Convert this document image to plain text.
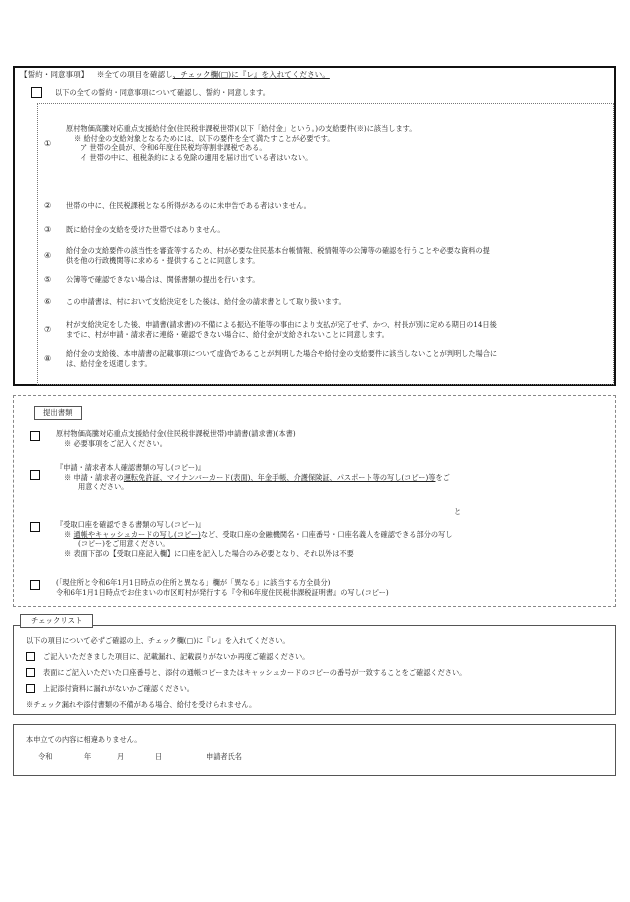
【誓約・同意事項】 ※全ての項目を確認し、チェック欄(□)に『レ』を入れてください。
以下の全ての誓約・同意事項について確認し、誓約・同意します。
①
原村物価高騰対応重点支援給付金(住民税非課税世帯)(以下「給付金」という。)の支給要件(※)に該当します。
※ 給付金の支給対象となるためには、以下の要件を全て満たすことが必要です。
ア 世帯の全員が、令和6年度住民税均等割非課税である。
イ 世帯の中に、租税条約による免除の適用を届け出ている者はいない。
② 世帯の中に、住民税課税となる所得があるのに未申告である者はいません。
③ 既に給付金の支給を受けた世帯ではありません。
④
給付金の支給要件の該当性を審査等するため、村が必要な住民基本台帳情報、税情報等の公簿等の確認を行うことや必要な資料の提
供を他の行政機関等に求める・提供することに同意します。
⑤ 公簿等で確認できない場合は、関係書類の提出を行います。
⑥ この申請書は、村において支給決定をした後は、給付金の請求書として取り扱います。
⑦
村が支給決定をした後、申請書(請求書)の不備による振込不能等の事由により支払が完了せず、かつ、村長が別に定める期日の14日後
までに、村が申請・請求者に連絡・確認できない場合に、給付金が支給されないことに同意します。
⑧
給付金の支給後、本申請書の記載事項について虚偽であることが判明した場合や給付金の支給要件に該当しないことが判明した場合に
は、給付金を返還します。
提出書類
原村物価高騰対応重点支援給付金(住民税非課税世帯)申請書(請求書)(本書)
※ 必要事項をご記入ください。
『申請・請求者本人確認書類の写し(コピー)』
※ 申請・請求者の運転免許証、マイナンバーカード(表面)、年金手帳、介護保険証、パスポート等の写し(コピー)等をご
用意ください。
と
『受取口座を確認できる書類の写し(コピー)』
※ 通帳やキャッシュカードの写し(コピー)など、受取口座の金融機関名・口座番号・口座名義人を確認できる部分の写し
(コピー)をご用意ください。
※ 表面下部の【受取口座記入欄】に口座を記入した場合のみ必要となり、それ以外は不要
(「現住所と令和6年1月1日時点の住所と異なる」欄が「異なる」に該当する方全員分)
令和6年1月1日時点でお住まいの市区町村が発行する『令和6年度住民税非課税証明書』の写し(コピー)
チェックリスト
以下の項目について必ずご確認の上、チェック欄(□)に『レ』を入れてください。
ご記入いただきました項目に、記載漏れ、記載誤りがないか再度ご確認ください。
表面にご記入いただいた口座番号と、添付の通帳コピーまたはキャッシュカードのコピーの番号が一致することをご確認ください。
上記添付資料に漏れがないかご確認ください。
※チェック漏れや添付書類の不備がある場合、給付を受けられません。
本申立ての内容に相違ありません。
令和	年	月	日	申請者氏名
